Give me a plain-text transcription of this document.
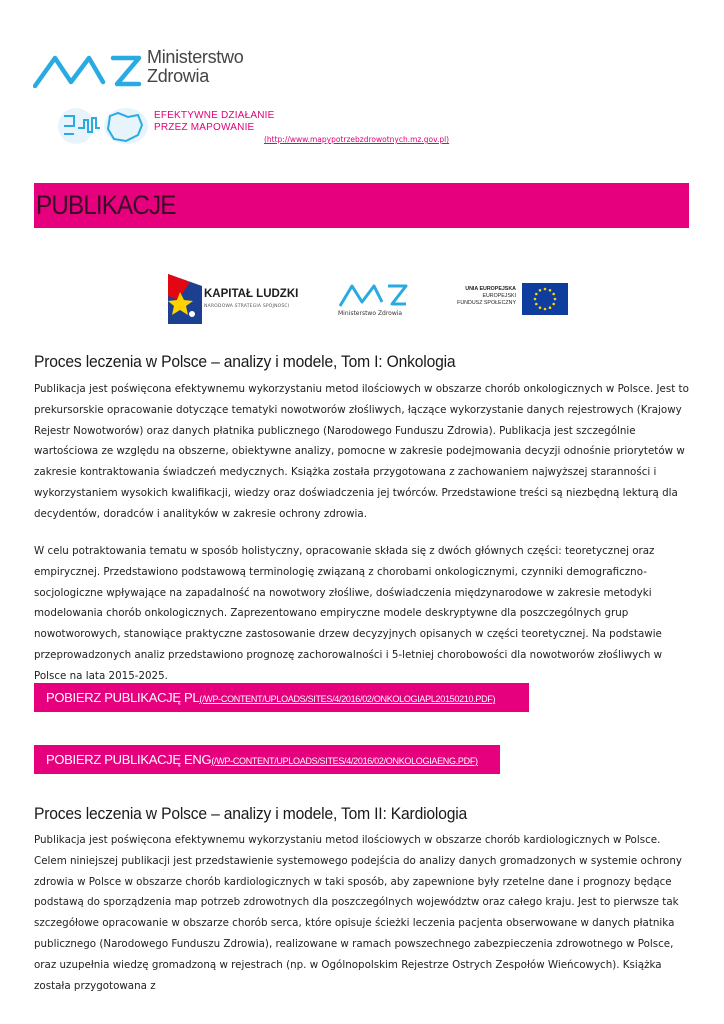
Ministerstwo
Zdrowia
EFEKTYWNE DZIAŁANIE
PRZEZ MAPOWANIE
(http://www.mapypotrzebzdrowotnych.mz.gov.pl)
PUBLIKACJE
KAPITAŁ LUDZKI
NARODOWA STRATEGIA SPÓJNOŚCI
Ministerstwo Zdrowia
UNIA EUROPEJSKA
EUROPEJSKI
FUNDUSZ SPOŁECZNY
Proces leczenia w Polsce – analizy i modele, Tom I: Onkologia

Publikacja jest poświęcona efektywnemu wykorzystaniu metod ilościowych w obszarze chorób onkologicznych w Polsce. Jest to prekursorskie opracowanie dotyczące tematyki nowotworów złośliwych, łączące wykorzystanie danych rejestrowych (Krajowy Rejestr Nowotworów) oraz danych płatnika publicznego (Narodowego Funduszu Zdrowia). Publikacja jest szczególnie wartościowa ze względu na obszerne, obiektywne analizy, pomocne w zakresie podejmowania decyzji odnośnie priorytetów w zakresie kontraktowania świadczeń medycznych. Książka została przygotowana z zachowaniem najwyższej staranności i wykorzystaniem wysokich kwalifikacji, wiedzy oraz doświadczenia jej twórców. Przedstawione treści są niezbędną lekturą dla decydentów, doradców i analityków w zakresie ochrony zdrowia.

W celu potraktowania tematu w sposób holistyczny, opracowanie składa się z dwóch głównych części: teoretycznej oraz empirycznej. Przedstawiono podstawową terminologię związaną z chorobami onkologicznymi, czynniki demograficzno-socjologiczne wpływające na zapadalność na nowotwory złośliwe, doświadczenia międzynarodowe w zakresie metodyki modelowania chorób onkologicznych. Zaprezentowano empiryczne modele deskryptywne dla poszczególnych grup nowotworowych, stanowiące praktyczne zastosowanie drzew decyzyjnych opisanych w części teoretycznej. Na podstawie przeprowadzonych analiz przedstawiono prognozę zachorowalności i 5-letniej chorobowości dla nowotworów złośliwych w Polsce na lata 2015-2025.

POBIERZ PUBLIKACJĘ PL(/WP-CONTENT/UPLOADS/SITES/4/2016/02/ONKOLOGIAPL20150210.PDF)
POBIERZ PUBLIKACJĘ ENG(/WP-CONTENT/UPLOADS/SITES/4/2016/02/ONKOLOGIAENG.PDF)
Proces leczenia w Polsce – analizy i modele, Tom II: Kardiologia

Publikacja jest poświęcona efektywnemu wykorzystaniu metod ilościowych w obszarze chorób kardiologicznych w Polsce. Celem niniejszej publikacji jest przedstawienie systemowego podejścia do analizy danych gromadzonych w systemie ochrony zdrowia w Polsce w obszarze chorób kardiologicznych w taki sposób, aby zapewnione były rzetelne dane i prognozy będące podstawą do sporządzenia map potrzeb zdrowotnych dla poszczególnych województw oraz całego kraju. Jest to pierwsze tak szczegółowe opracowanie w obszarze chorób serca, które opisuje ścieżki leczenia pacjenta obserwowane w danych płatnika publicznego (Narodowego Funduszu Zdrowia), realizowane w ramach powszechnego zabezpieczenia zdrowotnego w Polsce, oraz uzupełnia wiedzę gromadzoną w rejestrach (np. w Ogólnopolskim Rejestrze Ostrych Zespołów Wieńcowych). Książka została przygotowana z
